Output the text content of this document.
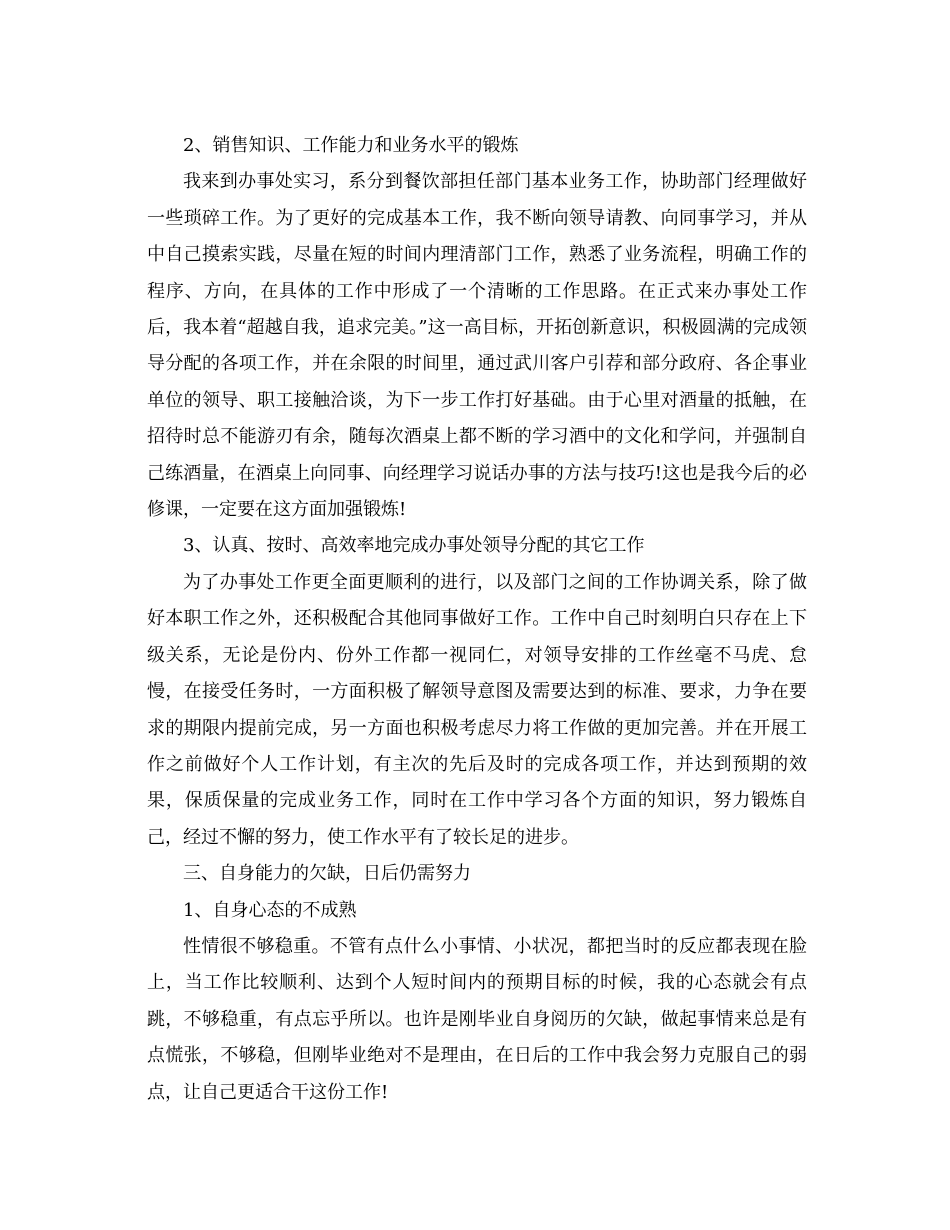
2、销售知识、工作能力和业务水平的锻炼

我来到办事处实习，系分到餐饮部担任部门基本业务工作，协助部门经理做好一些琐碎工作。为了更好的完成基本工作，我不断向领导请教、向同事学习，并从中自己摸索实践，尽量在短的时间内理清部门工作，熟悉了业务流程，明确工作的程序、方向，在具体的工作中形成了一个清晰的工作思路。在正式来办事处工作后，我本着“超越自我，追求完美。”这一高目标，开拓创新意识，积极圆满的完成领导分配的各项工作，并在余限的时间里，通过武川客户引荐和部分政府、各企事业单位的领导、职工接触洽谈，为下一步工作打好基础。由于心里对酒量的抵触，在招待时总不能游刃有余，随每次酒桌上都不断的学习酒中的文化和学问，并强制自己练酒量，在酒桌上向同事、向经理学习说话办事的方法与技巧!这也是我今后的必修课，一定要在这方面加强锻炼!

3、认真、按时、高效率地完成办事处领导分配的其它工作

为了办事处工作更全面更顺利的进行，以及部门之间的工作协调关系，除了做好本职工作之外，还积极配合其他同事做好工作。工作中自己时刻明白只存在上下级关系，无论是份内、份外工作都一视同仁，对领导安排的工作丝毫不马虎、怠慢，在接受任务时，一方面积极了解领导意图及需要达到的标准、要求，力争在要求的期限内提前完成，另一方面也积极考虑尽力将工作做的更加完善。并在开展工作之前做好个人工作计划，有主次的先后及时的完成各项工作，并达到预期的效果，保质保量的完成业务工作，同时在工作中学习各个方面的知识，努力锻炼自己，经过不懈的努力，使工作水平有了较长足的进步。

三、自身能力的欠缺，日后仍需努力

1、自身心态的不成熟

性情很不够稳重。不管有点什么小事情、小状况，都把当时的反应都表现在脸上，当工作比较顺利、达到个人短时间内的预期目标的时候，我的心态就会有点跳，不够稳重，有点忘乎所以。也许是刚毕业自身阅历的欠缺，做起事情来总是有点慌张，不够稳，但刚毕业绝对不是理由，在日后的工作中我会努力克服自己的弱点，让自己更适合干这份工作!
